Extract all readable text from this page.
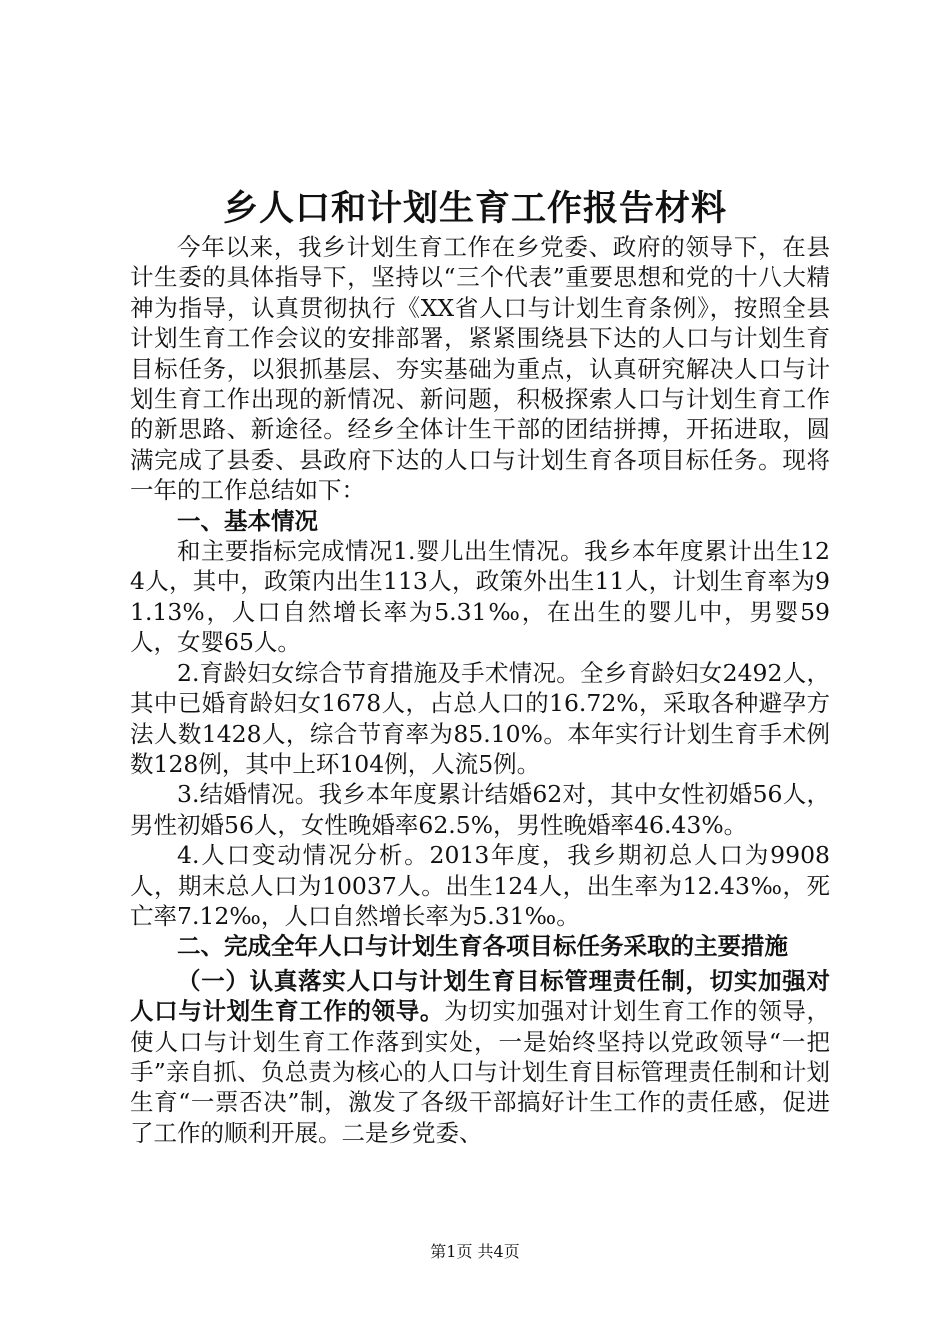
乡人口和计划生育工作报告材料

今年以来，我乡计划生育工作在乡党委、政府的领导下，在县计生委的具体指导下，坚持以“三个代表”重要思想和党的十八大精神为指导，认真贯彻执行《XX省人口与计划生育条例》，按照全县计划生育工作会议的安排部署，紧紧围绕县下达的人口与计划生育目标任务，以狠抓基层、夯实基础为重点，认真研究解决人口与计划生育工作出现的新情况、新问题，积极探索人口与计划生育工作的新思路、新途径。经乡全体计生干部的团结拼搏，开拓进取，圆满完成了县委、县政府下达的人口与计划生育各项目标任务。现将一年的工作总结如下：

一、基本情况

和主要指标完成情况1.婴儿出生情况。我乡本年度累计出生124人，其中，政策内出生113人，政策外出生11人，计划生育率为91.13%，人口自然增长率为5.31‰，在出生的婴儿中，男婴59人，女婴65人。

2.育龄妇女综合节育措施及手术情况。全乡育龄妇女2492人，其中已婚育龄妇女1678人，占总人口的16.72%，采取各种避孕方法人数1428人，综合节育率为85.10%。本年实行计划生育手术例数128例，其中上环104例，人流5例。

3.结婚情况。我乡本年度累计结婚62对，其中女性初婚56人，男性初婚56人，女性晚婚率62.5%，男性晚婚率46.43%。

4.人口变动情况分析。2013年度，我乡期初总人口为9908人，期末总人口为10037人。出生124人，出生率为12.43‰，死亡率7.12‰，人口自然增长率为5.31‰。

二、完成全年人口与计划生育各项目标任务采取的主要措施

（一）认真落实人口与计划生育目标管理责任制，切实加强对人口与计划生育工作的领导。为切实加强对计划生育工作的领导，使人口与计划生育工作落到实处，一是始终坚持以党政领导“一把手”亲自抓、负总责为核心的人口与计划生育目标管理责任制和计划生育“一票否决”制，激发了各级干部搞好计生工作的责任感，促进了工作的顺利开展。二是乡党委、

第1页 共4页
